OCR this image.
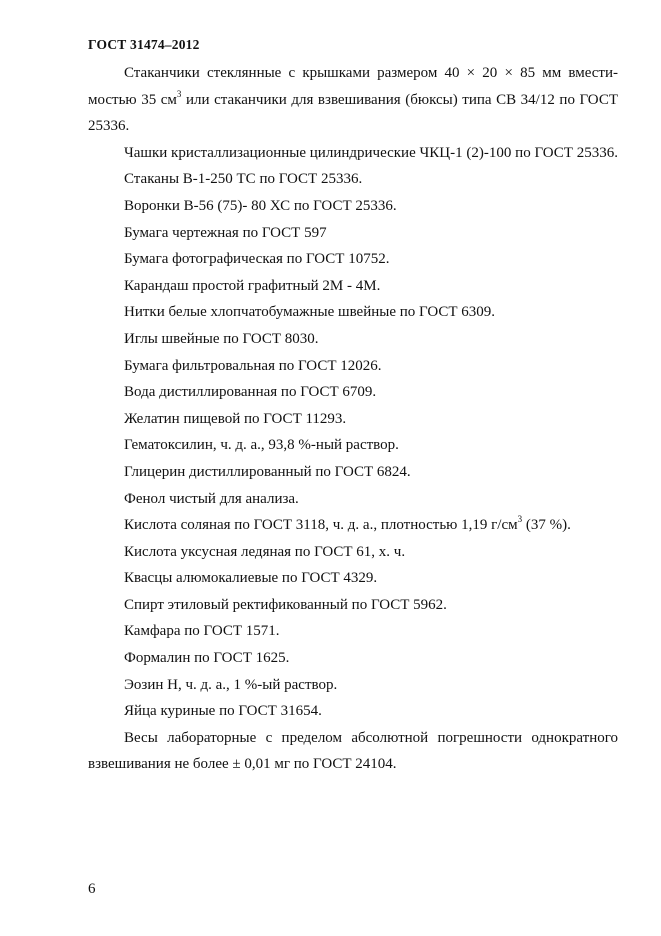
ГОСТ 31474–2012

Стаканчики стеклянные с крышками размером 40 × 20 × 85 мм вмести-мостью 35 $см^3$ или стаканчики для взвешивания (бюксы) типа СВ 34/12 по ГОСТ 25336.

Чашки кристаллизационные цилиндрические ЧКЦ-1 (2)-100 по ГОСТ 25336.

Стаканы В-1-250 ТС по ГОСТ 25336.

Воронки В-56 (75)- 80 ХС по ГОСТ 25336.

Бумага чертежная по ГОСТ 597

Бумага фотографическая по ГОСТ 10752.

Карандаш простой графитный 2М - 4М.

Нитки белые хлопчатобумажные швейные по ГОСТ 6309.

Иглы швейные по ГОСТ 8030.

Бумага фильтровальная по ГОСТ 12026.

Вода дистиллированная по ГОСТ 6709.

Желатин пищевой по ГОСТ 11293.

Гематоксилин, ч. д. а., 93,8 %-ный раствор.

Глицерин дистиллированный по ГОСТ 6824.

Фенол чистый для анализа.

Кислота соляная по ГОСТ 3118, ч. д. а., плотностью 1,19 $г/см^3$ (37 %).

Кислота уксусная ледяная по ГОСТ 61, х. ч.

Квасцы алюмокалиевые по ГОСТ 4329.

Спирт этиловый ректификованный по ГОСТ 5962.

Камфара по ГОСТ 1571.

Формалин по ГОСТ 1625.

Эозин Н, ч. д. а., 1 %-ый раствор.

Яйца куриные по ГОСТ 31654.

Весы лабораторные с пределом абсолютной погрешности однократного взвешивания не более ± 0,01 мг по ГОСТ 24104.

6
